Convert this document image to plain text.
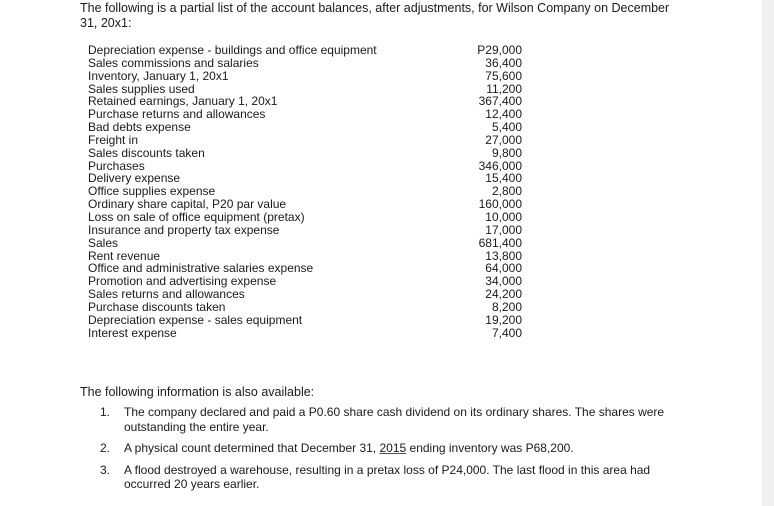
The following is a partial list of the account balances, after adjustments, for Wilson Company on December 31, 20x1:

Depreciation expense - buildings and office equipment	P29,000
Sales commissions and salaries	36,400
Inventory, January 1, 20x1	75,600
Sales supplies used	11,200
Retained earnings, January 1, 20x1	367,400
Purchase returns and allowances	12,400
Bad debts expense	5,400
Freight in	27,000
Sales discounts taken	9,800
Purchases	346,000
Delivery expense	15,400
Office supplies expense	2,800
Ordinary share capital, P20 par value	160,000
Loss on sale of office equipment (pretax)	10,000
Insurance and property tax expense	17,000
Sales	681,400
Rent revenue	13,800
Office and administrative salaries expense	64,000
Promotion and advertising expense	34,000
Sales returns and allowances	24,200
Purchase discounts taken	8,200
Depreciation expense - sales equipment	19,200
Interest expense	7,400

The following information is also available:

1.	The company declared and paid a P0.60 share cash dividend on its ordinary shares. The shares were outstanding the entire year.
2.	A physical count determined that December 31, 2015 ending inventory was P68,200.
3.	A flood destroyed a warehouse, resulting in a pretax loss of P24,000. The last flood in this area had occurred 20 years earlier.
